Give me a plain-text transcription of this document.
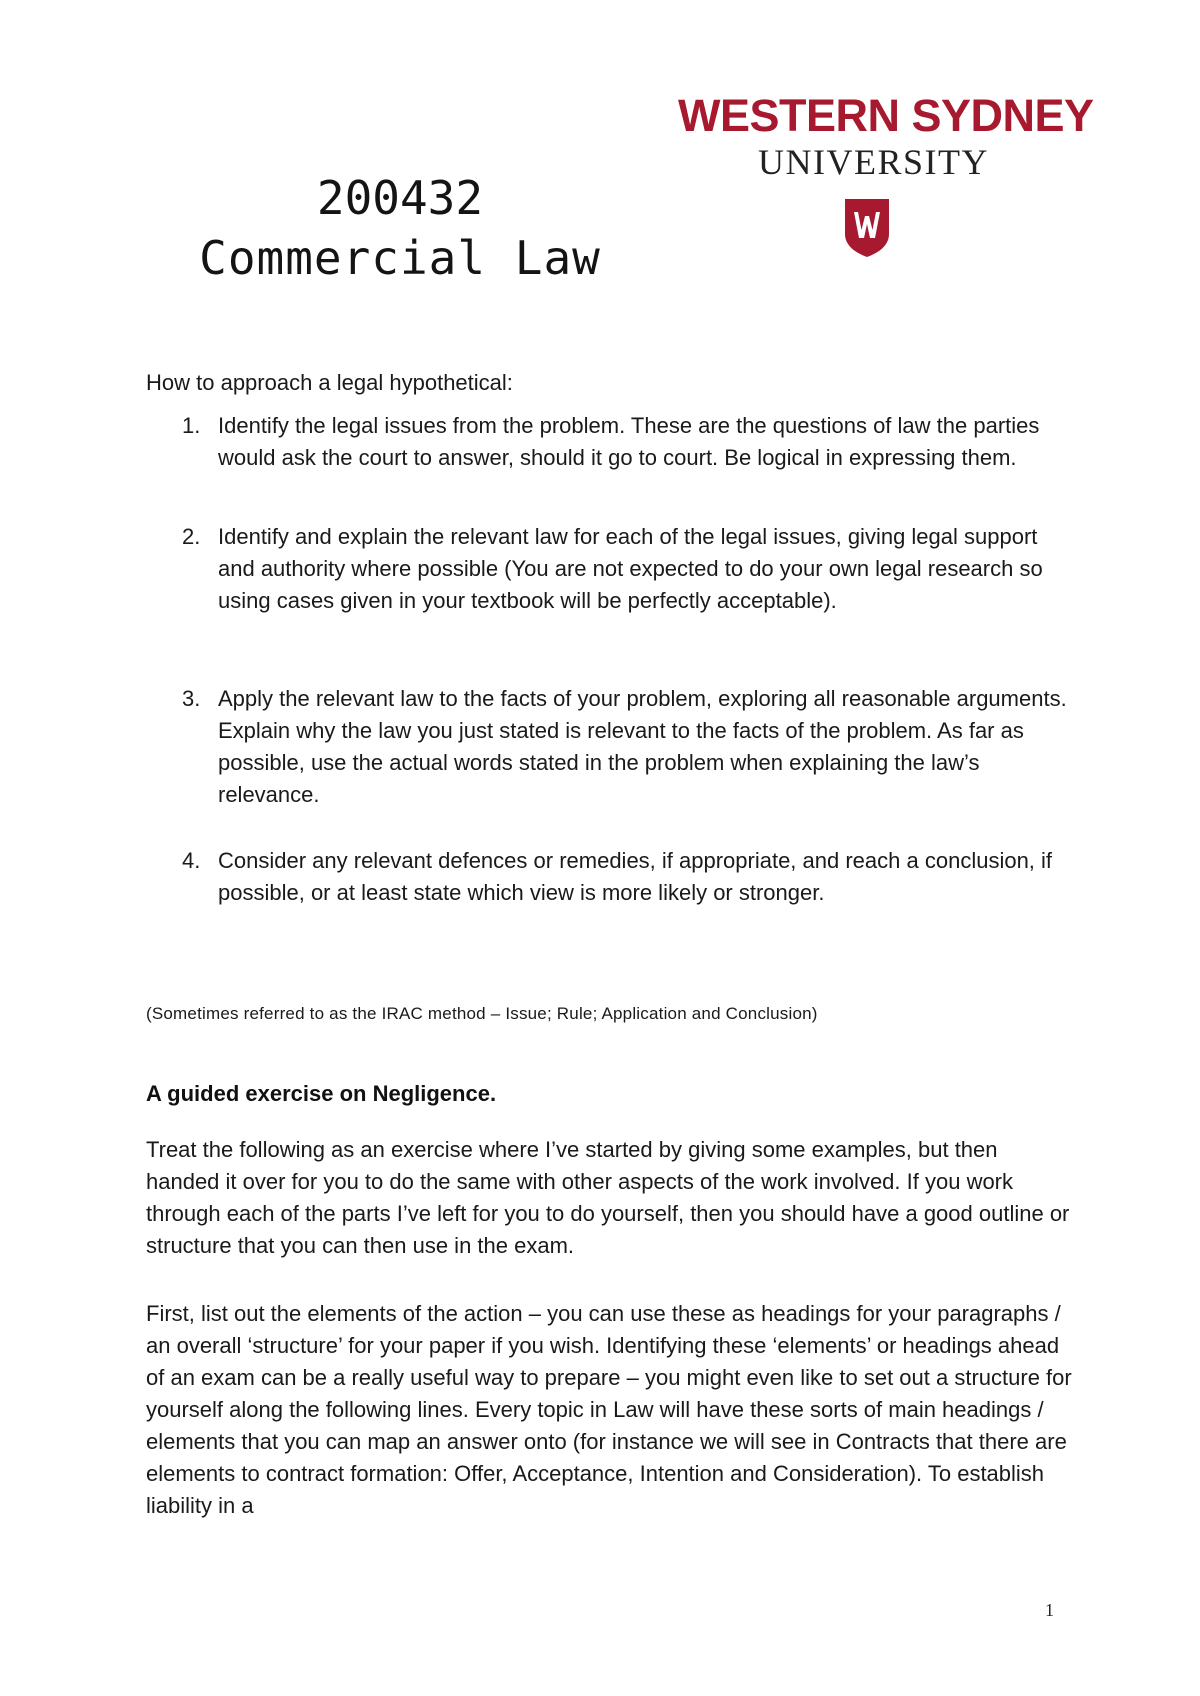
200432
Commercial Law
WESTERN SYDNEY
UNIVERSITY
How to approach a legal hypothetical:
1. Identify the legal issues from the problem. These are the questions of law the parties would ask the court to answer, should it go to court. Be logical in expressing them.
2. Identify and explain the relevant law for each of the legal issues, giving legal support and authority where possible (You are not expected to do your own legal research so using cases given in your textbook will be perfectly acceptable).
3. Apply the relevant law to the facts of your problem, exploring all reasonable arguments. Explain why the law you just stated is relevant to the facts of the problem. As far as possible, use the actual words stated in the problem when explaining the law’s relevance.
4. Consider any relevant defences or remedies, if appropriate, and reach a conclusion, if possible, or at least state which view is more likely or stronger.
(Sometimes referred to as the IRAC method – Issue; Rule; Application and Conclusion)
A guided exercise on Negligence.
Treat the following as an exercise where I’ve started by giving some examples, but then handed it over for you to do the same with other aspects of the work involved. If you work through each of the parts I’ve left for you to do yourself, then you should have a good outline or structure that you can then use in the exam.
First, list out the elements of the action – you can use these as headings for your paragraphs / an overall ‘structure’ for your paper if you wish. Identifying these ‘elements’ or headings ahead of an exam can be a really useful way to prepare – you might even like to set out a structure for yourself along the following lines. Every topic in Law will have these sorts of main headings / elements that you can map an answer onto (for instance we will see in Contracts that there are elements to contract formation: Offer, Acceptance, Intention and Consideration). To establish liability in a
1
